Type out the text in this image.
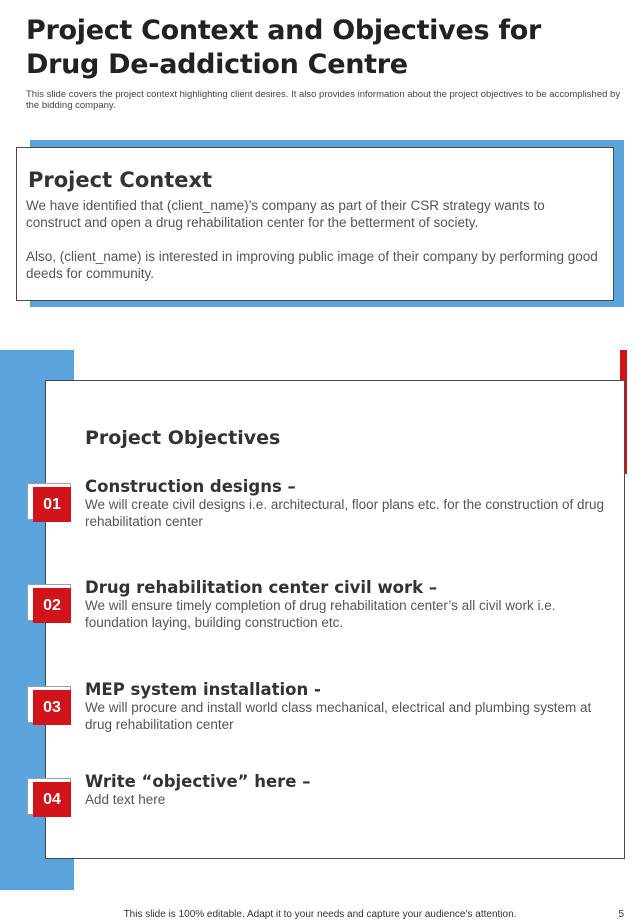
Project Context and Objectives for Drug De-addiction Centre
This slide covers the project context highlighting client desires. It also provides information about the project objectives to be accomplished by the bidding company.
Project Context
We have identified that (client_name)’s company as part of their CSR strategy wants to construct and open a drug rehabilitation center for the betterment of society.
Also, (client_name) is interested in improving public image of their company by performing good deeds for community.
Project Objectives
01
Construction designs –
We will create civil designs i.e. architectural, floor plans etc. for the construction of drug rehabilitation center
02
Drug rehabilitation center civil work –
We will ensure timely completion of drug rehabilitation center’s all civil work i.e. foundation laying, building construction etc.
03
MEP system installation -
We will procure and install world class mechanical, electrical and plumbing system at drug rehabilitation center
04
Write “objective” here –
Add text here
This slide is 100% editable. Adapt it to your needs and capture your audience’s attention.	5
